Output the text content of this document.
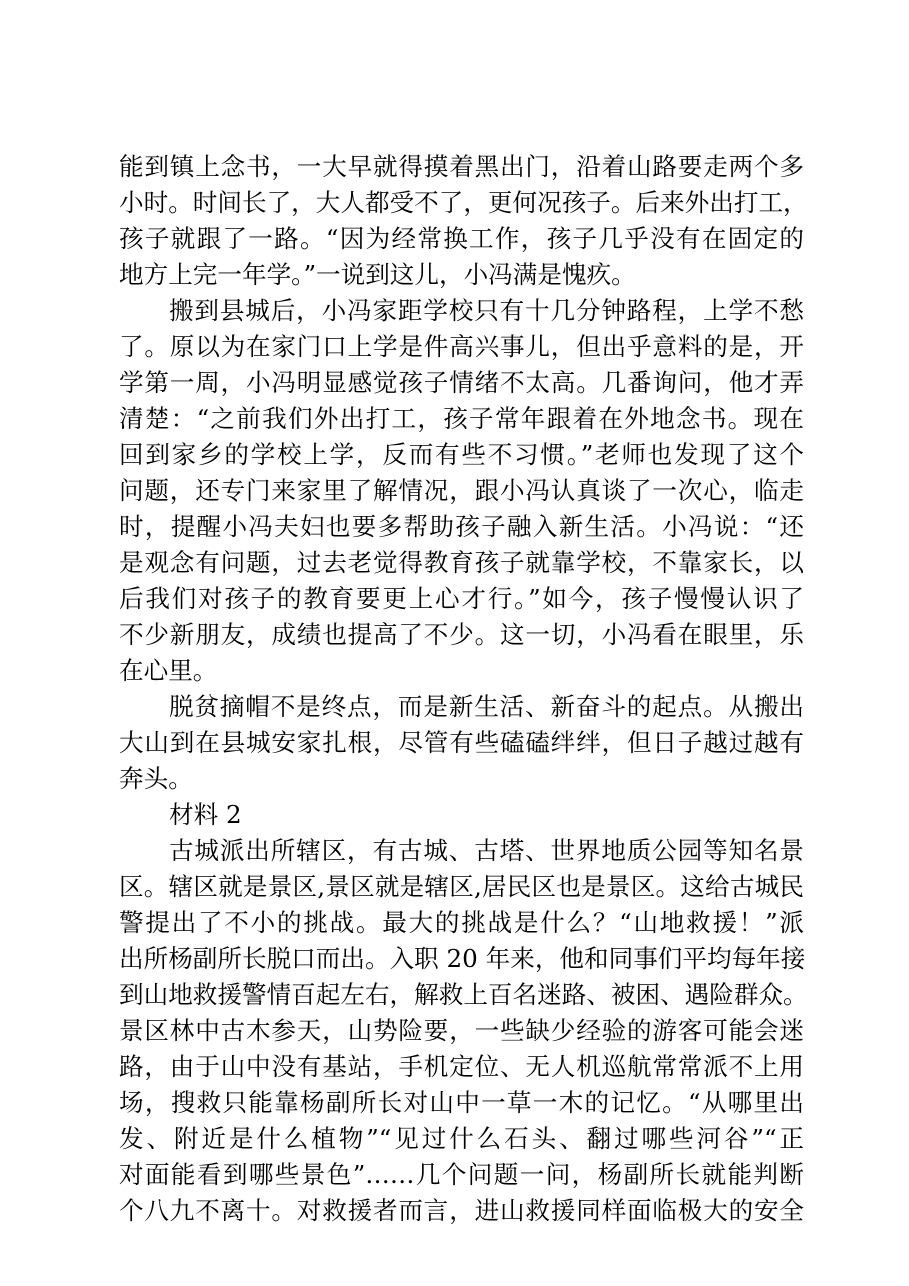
能到镇上念书，一大早就得摸着黑出门，沿着山路要走两个多
小时。时间长了，大人都受不了，更何况孩子。后来外出打工，
孩子就跟了一路。“因为经常换工作，孩子几乎没有在固定的
地方上完一年学。”一说到这儿，小冯满是愧疚。
搬到县城后，小冯家距学校只有十几分钟路程，上学不愁
了。原以为在家门口上学是件高兴事儿，但出乎意料的是，开
学第一周，小冯明显感觉孩子情绪不太高。几番询问，他才弄
清楚：“之前我们外出打工，孩子常年跟着在外地念书。现在
回到家乡的学校上学，反而有些不习惯。”老师也发现了这个
问题，还专门来家里了解情况，跟小冯认真谈了一次心，临走
时，提醒小冯夫妇也要多帮助孩子融入新生活。小冯说：“还
是观念有问题，过去老觉得教育孩子就靠学校，不靠家长，以
后我们对孩子的教育要更上心才行。”如今，孩子慢慢认识了
不少新朋友，成绩也提高了不少。这一切，小冯看在眼里，乐
在心里。
脱贫摘帽不是终点，而是新生活、新奋斗的起点。从搬出
大山到在县城安家扎根，尽管有些磕磕绊绊，但日子越过越有
奔头。
材料 2
古城派出所辖区，有古城、古塔、世界地质公园等知名景
区。辖区就是景区,景区就是辖区,居民区也是景区。这给古城民
警提出了不小的挑战。最大的挑战是什么？“山地救援！”派
出所杨副所长脱口而出。入职 20 年来，他和同事们平均每年接
到山地救援警情百起左右，解救上百名迷路、被困、遇险群众。
景区林中古木参天，山势险要，一些缺少经验的游客可能会迷
路，由于山中没有基站，手机定位、无人机巡航常常派不上用
场，搜救只能靠杨副所长对山中一草一木的记忆。“从哪里出
发、附近是什么植物”“见过什么石头、翻过哪些河谷”“正
对面能看到哪些景色”……几个问题一问，杨副所长就能判断
个八九不离十。对救援者而言，进山救援同样面临极大的安全
